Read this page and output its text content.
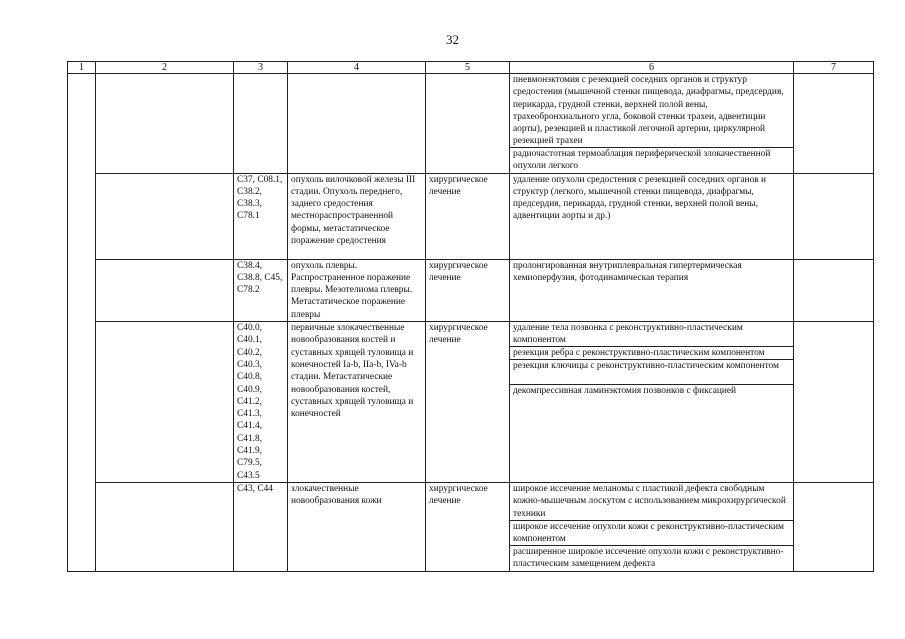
32
1	2	3	4	5	6	7

					пневмонэктомия с резекцией соседних органов и структур средостения (мышечной стенки пищевода, диафрагмы, предсердия, перикарда, грудной стенки, верхней полой вены, трахеобронхиального угла, боковой стенки трахеи, адвентиции аорты), резекцией и пластикой легочной артерии, циркулярной резекцией трахеи
радиочастотная термоаблация периферической злокачественной опухоли легкого	

		C37, C08.1, C38.2, C38.3, C78.1	опухоль вилочковой железы III стадии. Опухоль переднего, заднего средостения местнораспространенной формы, метастатическое поражение средостения	хирургическое лечение	удаление опухоли средостения с резекцией соседних органов и структур (легкого, мышечной стенки пищевода, диафрагмы, предсердия, перикарда, грудной стенки, верхней полой вены, адвентиции аорты и др.)	

		C38.4, C38.8, C45, C78.2	опухоль плевры. Распространенное поражение плевры. Мезотелиома плевры. Метастатическое поражение плевры	хирургическое лечение	пролонгированная внутриплевральная гипертермическая хемиоперфузия, фотодинамическая терапия	

		C40.0, C40.1, C40.2, C40.3, C40.8, C40.9, C41.2, C41.3, C41.4, C41.8, C41.9, C79.5, C43.5	первичные злокачественные новообразования костей и суставных хрящей туловища и конечностей Ia-b, IIa-b, IVa-b стадии. Метастатические новообразования костей, суставных хрящей туловища и конечностей	хирургическое лечение	удаление тела позвонка с реконструктивно-пластическим компонентом
резекция ребра с реконструктивно-пластическим компонентом
резекция ключицы с реконструктивно-пластическим компонентом
декомпрессивная ламинэктомия позвонков с фиксацией	

		C43, C44	злокачественные новообразования кожи	хирургическое лечение	широкое иссечение меланомы с пластикой дефекта свободным кожно-мышечным лоскутом с использованием микрохирургической техники
широкое иссечение опухоли кожи с реконструктивно-пластическим компонентом
расширенное широкое иссечение опухоли кожи с реконструктивно-пластическим замещением дефекта	
